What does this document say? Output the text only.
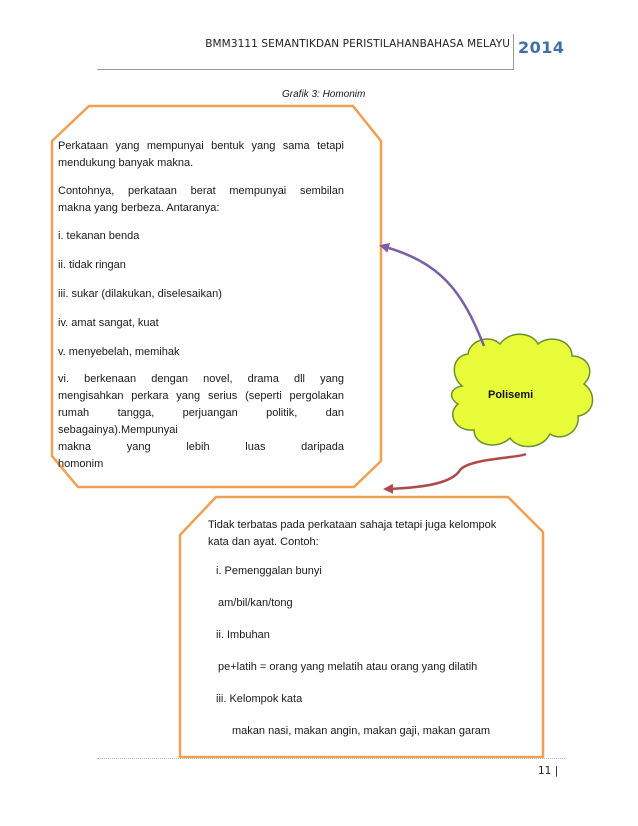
BMM3111 SEMANTIKDAN PERISTILAHANBAHASA MELAYU 2014
Grafik 3: Homonim
Polisemi

Perkataan yang mempunyai bentuk yang sama tetapi

mendukung banyak makna.

Contohnya, perkataan berat mempunyai sembilan

makna yang berbeza. Antaranya:

i. tekanan benda

ii. tidak ringan

iii. sukar (dilakukan, diselesaikan)

iv. amat sangat, kuat

v. menyebelah, memihak

vi. berkenaan dengan novel, drama dll yang

mengisahkan perkara yang serius (seperti pergolakan

rumah tangga, perjuangan politik, dan sebagainya).Mempunyai

makna yang lebih luas daripada

homonim

Tidak terbatas pada perkataan sahaja tetapi juga kelompok

kata dan ayat. Contoh:

i. Pemenggalan bunyi

am/bil/kan/tong

ii. Imbuhan

pe+latih = orang yang melatih atau orang yang dilatih

iii. Kelompok kata

makan nasi, makan angin, makan gaji, makan garam

11 |
